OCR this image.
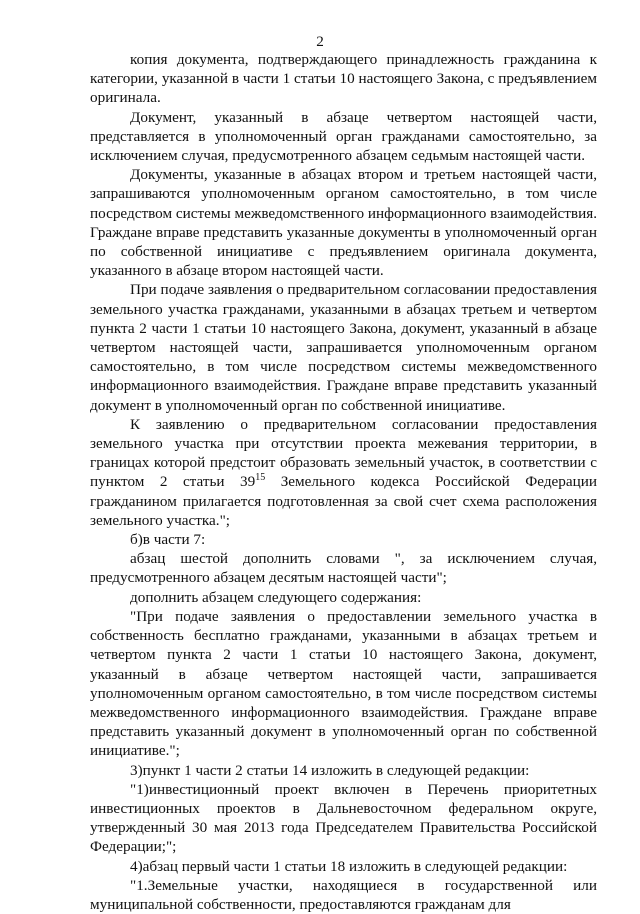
2

копия документа, подтверждающего принадлежность гражданина к категории, указанной в части 1 статьи 10 настоящего Закона, с предъявлением оригинала.

Документ, указанный в абзаце четвертом настоящей части, представляется в уполномоченный орган гражданами самостоятельно, за исключением случая, предусмотренного абзацем седьмым настоящей части.

Документы, указанные в абзацах втором и третьем настоящей части, запрашиваются уполномоченным органом самостоятельно, в том числе посредством системы межведомственного информационного взаимодействия. Граждане вправе представить указанные документы в уполномоченный орган по собственной инициативе с предъявлением оригинала документа, указанного в абзаце втором настоящей части.

При подаче заявления о предварительном согласовании предоставления земельного участка гражданами, указанными в абзацах третьем и четвертом пункта 2 части 1 статьи 10 настоящего Закона, документ, указанный в абзаце четвертом настоящей части, запрашивается уполномоченным органом самостоятельно, в том числе посредством системы межведомственного информационного взаимодействия. Граждане вправе представить указанный документ в уполномоченный орган по собственной инициативе.

К заявлению о предварительном согласовании предоставления земельного участка при отсутствии проекта межевания территории, в границах которой предстоит образовать земельный участок, в соответствии с пунктом 2 статьи $39^{15}$ Земельного кодекса Российской Федерации гражданином прилагается подготовленная за свой счет схема расположения земельного участка.";

б)в части 7:

абзац шестой дополнить словами ", за исключением случая, предусмотренного абзацем десятым настоящей части";

дополнить абзацем следующего содержания:

"При подаче заявления о предоставлении земельного участка в собственность бесплатно гражданами, указанными в абзацах третьем и четвертом пункта 2 части 1 статьи 10 настоящего Закона, документ, указанный в абзаце четвертом настоящей части, запрашивается уполномоченным органом самостоятельно, в том числе посредством системы межведомственного информационного взаимодействия. Граждане вправе представить указанный документ в уполномоченный орган по собственной инициативе.";

3)пункт 1 части 2 статьи 14 изложить в следующей редакции:

"1)инвестиционный проект включен в Перечень приоритетных инвестиционных проектов в Дальневосточном федеральном округе, утвержденный 30 мая 2013 года Председателем Правительства Российской Федерации;";

4)абзац первый части 1 статьи 18 изложить в следующей редакции:

"1.Земельные участки, находящиеся в государственной или муниципальной собственности, предоставляются гражданам для
